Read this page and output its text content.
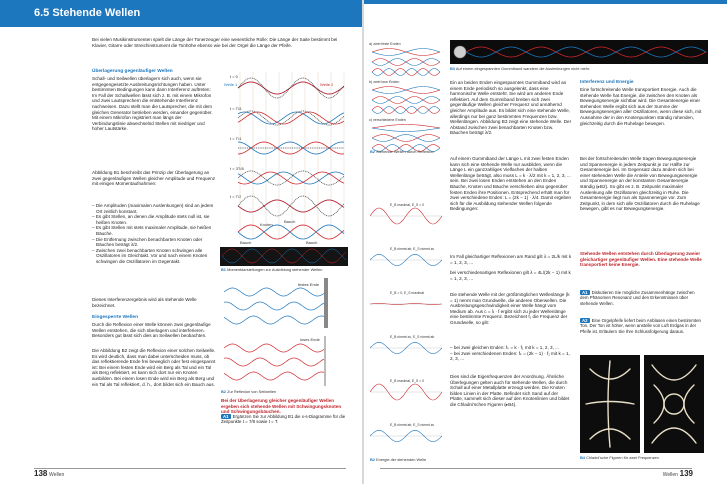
6.5 Stehende Wellen
Bei vielen Musikinstrumenten spielt die Länge der Tonerzeuger eine wesentliche Rolle: Die Länge der Saite bestimmt bei Klavier, Gitarre oder Streichinstrument die Tonhöhe ebenso wie bei der Orgel die Länge der Pfeife.
Überlagerung gegenläufiger Wellen
Schall- und Seilwellen überlagern sich auch, wenn sie entgegengesetzte Ausbreitungsrichtungen haben. Unter bestimmten Bedingungen kann dann Interferenz auftreten: Im Fall der Schallwellen lässt sich z. B. mit einem Mikrofon und zwei Lautsprechern die entstehende Interferenz nachweisen. Dazu stellt man die Lautsprecher, die mit dem gleichen Generator betrieben werden, einander gegenüber. Mit einem Mikrofon registriert man längs der Verbindungslinie abwechselnd Stellen mit niedriger und hoher Lautstärke.
Abbildung B1 beschreibt das Prinzip der Überlagerung an zwei gegenläufigen Wellen gleicher Amplitude und Frequenz mit einigen Momentaufnahmen:
– Die Amplituden (maximalen Auslenkungen) sind an jedem Ort zeitlich konstant.
– Es gibt Stellen, an denen die Amplitude stets null ist, sie heißen Knoten.
– Es gibt Stellen mit stets maximaler Amplitude, sie heißen Bäuche.
– Die Entfernung zwischen benachbarten Knoten oder Bäuchen beträgt λ/2.
– Zwischen zwei benachbarten Knoten schwingen alle Oszillatoren im Gleichtakt. Vor und nach einem Knoten schwingen die Oszillatoren im Gegentakt.
Dieses Interferenzergebnis wird als stehende Welle bezeichnet.
Eingesperrte Wellen
Durch die Reflexion einer Welle können zwei gegenläufige Wellen entstehen, die sich überlagern und interferieren. Besonders gut lässt sich dies an Seilwellen beobachten.
Die Abbildung B2 zeigt die Reflexion einer solchen Seilwelle. Es wird deutlich, dass man dabei unterscheiden muss, ob das reflektierende Ende frei beweglich oder fest eingespannt ist: Bei einem festen Ende wird ein Berg als Tal und ein Tal als Berg reflektiert, es kann sich dort nur ein Knoten ausbilden. Bei einem losen Ende wird ein Berg als Berg und ein Tal als Tal reflektiert, d. h., dort bildet sich ein Bauch aus.
t = 0
t = T/8
t = T/4
t = 3T/8
t = T/2
Welle 1	Welle 2
Bauch
Knoten
Bauch	Bauch
B1 Momentdarstellungen zur Ausbildung stehender Wellen
festes Ende
loses Ende
B2 Zur Reflexion von Seilwellen
Bei der Überlagerung gleicher gegenläufiger Wellen ergeben sich stehende Wellen mit Schwingungsknoten und Schwingungsbäuchen.
A1 Ergänzen Sie zur Abbildung B1 die x-s-Diagramme für die Zeitpunkte t = 7/8 sowie t = T.
138 Wellen
a) zwei feste Enden
b) zwei lose Enden
c) verschiedene Enden
B2 Stehende Wellen durch Reflexion
B3 Auf einem eingespannten Gummiband wandern die Auslenkungen nicht mehr.
Ein an beiden Enden eingespanntes Gummiband wird an einem Ende periodisch so ausgelenkt, dass eine harmonische Welle entsteht. Sie wird am anderen Ende reflektiert. Auf dem Gummiband breiten sich zwei gegenläufige Wellen gleicher Frequenz und annähernd gleicher Amplitude aus. Es bildet sich eine stehende Welle, allerdings nur bei ganz bestimmten Frequenzen bzw. Wellenlängen. Abbildung B3 zeigt eine stehende Welle. Der Abstand zwischen zwei benachbarten Knoten bzw. Bäuchen beträgt λ/2.
Auf einem Gummiband der Länge L mit zwei festen Enden kann sich eine stehende Welle nur ausbilden, wenn die Länge L ein ganzzahliges Vielfaches der halben Wellenlänge beträgt, also muss L = k · λ/2 mit k = 1, 2, 3, ... sein. Bei zwei losen Enden entstehen an den Enden Bäuche, Knoten und Bäuche verschieben also gegenüber festen Enden ihre Positionen. Entsprechend erhält man für zwei verschiedene Enden: L = (2k − 1) · λ/4. Damit ergeben sich für die Ausbildung stehender Wellen folgende Bedingungen:
Im Fall gleichartiger Reflexionen am Rand gilt λ = 2L/k mit k = 1, 2, 3, ...
bei verschiedenartigen Reflexionen gilt λ = 4L/(2k − 1) mit k = 1, 2, 3, ...
Die stehende Welle mit der größtmöglichen Wellenlänge (k = 1) nennt man Grundwelle, die anderen Oberwellen. Die Ausbreitungsgeschwindigkeit einer Welle hängt vom Medium ab. Aus c = λ · f ergibt sich zu jeder Wellenlänge eine bestimmte Frequenz. Bezeichnet f₁ die Frequenz der Grundwelle, so gilt:
– bei zwei gleichen Enden: fₖ = k · f₁ mit k = 1, 2, 3, ...
– bei zwei verschiedenen Enden: fₖ = (2k − 1) · f₁ mit k = 1, 2, 3, ...
Dies sind die Eigenfrequenzen der Anordnung. Ähnliche Überlegungen gelten auch für stehende Wellen, die durch Schall auf einer Metallplatte erzeugt werden. Die Knoten bilden Linien in der Platte. Befindet sich Sand auf der Platte, sammelt sich dieser auf den Knotenlinien und bildet die Chladni'schen Figuren (▸B4).
E_B maximal, E_S = 0
E_B nimmt ab, E_S nimmt zu
E_B = 0, E_S maximal
E_B nimmt zu, E_S nimmt ab
E_B maximal, E_S = 0
E_B nimmt ab, E_S nimmt zu
B2 Energie der stehenden Welle
Interferenz und Energie
Eine fortschreitende Welle transportiert Energie. Auch die stehende Welle hat Energie, die zwischen den Knoten als Bewegungsenergie sichtbar wird. Die Gesamtenergie einer stehenden Welle ergibt sich aus der Summe der Bewegungsenergien aller Oszillatoren, wenn diese sich, mit Ausnahme der in den Knotenpunkten ständig ruhenden, gleichzeitig durch die Ruhelage bewegen.
Bei der fortschreitenden Welle tragen Bewegungsenergie und Spannenergie in jedem Zeitpunkt je zur Hälfte zur Gesamtenergie bei. Im Gegensatz dazu ändern sich bei einer stehenden Welle die Anteile von Bewegungsenergie und Spannenergie an der konstanten Gesamtenergie ständig (▸B2). So gibt es z. B. Zeitpunkt maximaler Auslenkung alle Oszillatoren gleichzeitig in Ruhe. Die Gesamtenergie liegt nun als Spannenergie vor. Zum Zeitpunkt, in dem sich alle Oszillatoren durch die Ruhelage bewegen, gibt es nur Bewegungsenergie.
Stehende Wellen entstehen durch Überlagerung zweier gleichartiger gegenläufiger Wellen. Eine stehende Welle transportiert keine Energie.
A1 Diskutieren Sie mögliche Zusammenhänge zwischen dem Phänomen Resonanz und den Erkenntnissen über stehende Wellen.
A2 Eine Orgelpfeife liefert beim Anblasen einen bestimmten Ton. Der Ton ist höher, wenn anstelle von Luft Erdgas in der Pfeife ist. Erläutern Sie Ihre Schlussfolgerung daraus.
B4 Chladni'sche Figuren für zwei Frequenzen
Wellen 139
